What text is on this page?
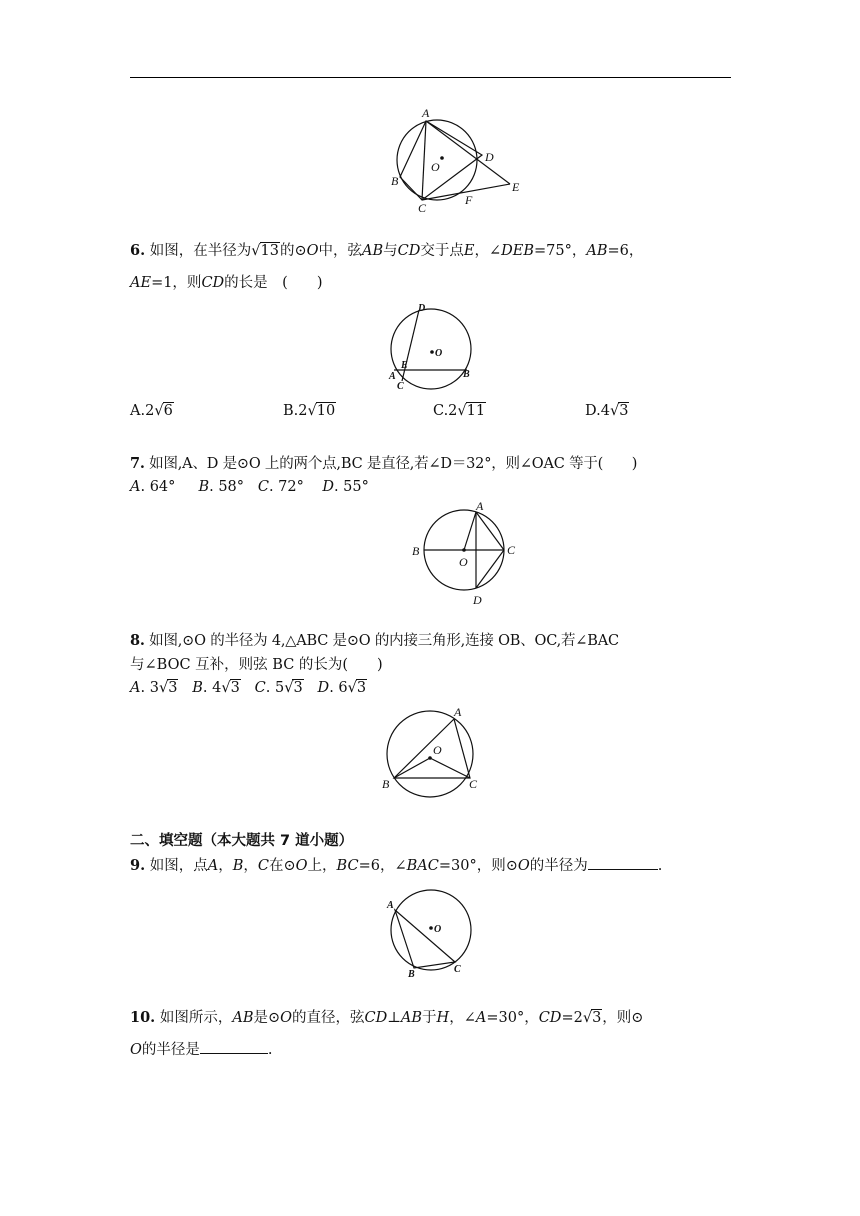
A
O
D
B	E
C
F
6. 如图，在半径为√13的⊙O中，弦AB与CD交于点E，∠DEB=75°，AB=6，
AE=1，则CD的长是　(　　)
D
O
E
A
C
B
A.2√6	B.2√10	C.2√11	D.4√3
7. 如图,A、D 是⊙O 上的两个点,BC 是直径,若∠D＝32°，则∠OAC 等于(　　)
A. 64° B. 58° C. 72° D. 55°
A
B
O
C
D
8. 如图,⊙O 的半径为 4,△ABC 是⊙O 的内接三角形,连接 OB、OC,若∠BAC
与∠BOC 互补，则弦 BC 的长为(　　)
A. 3√3 B. 4√3 C. 5√3 D. 6√3
A
O
B	C
二、填空题（本大题共 7 道小题）
9. 如图，点A，B，C在⊙O上，BC=6，∠BAC=30°，则⊙O的半径为	.
A
O
B	C
10. 如图所示，AB是⊙O的直径，弦CD⊥AB于H，∠A=30°，CD=2√3，则⊙
O的半径是	.
